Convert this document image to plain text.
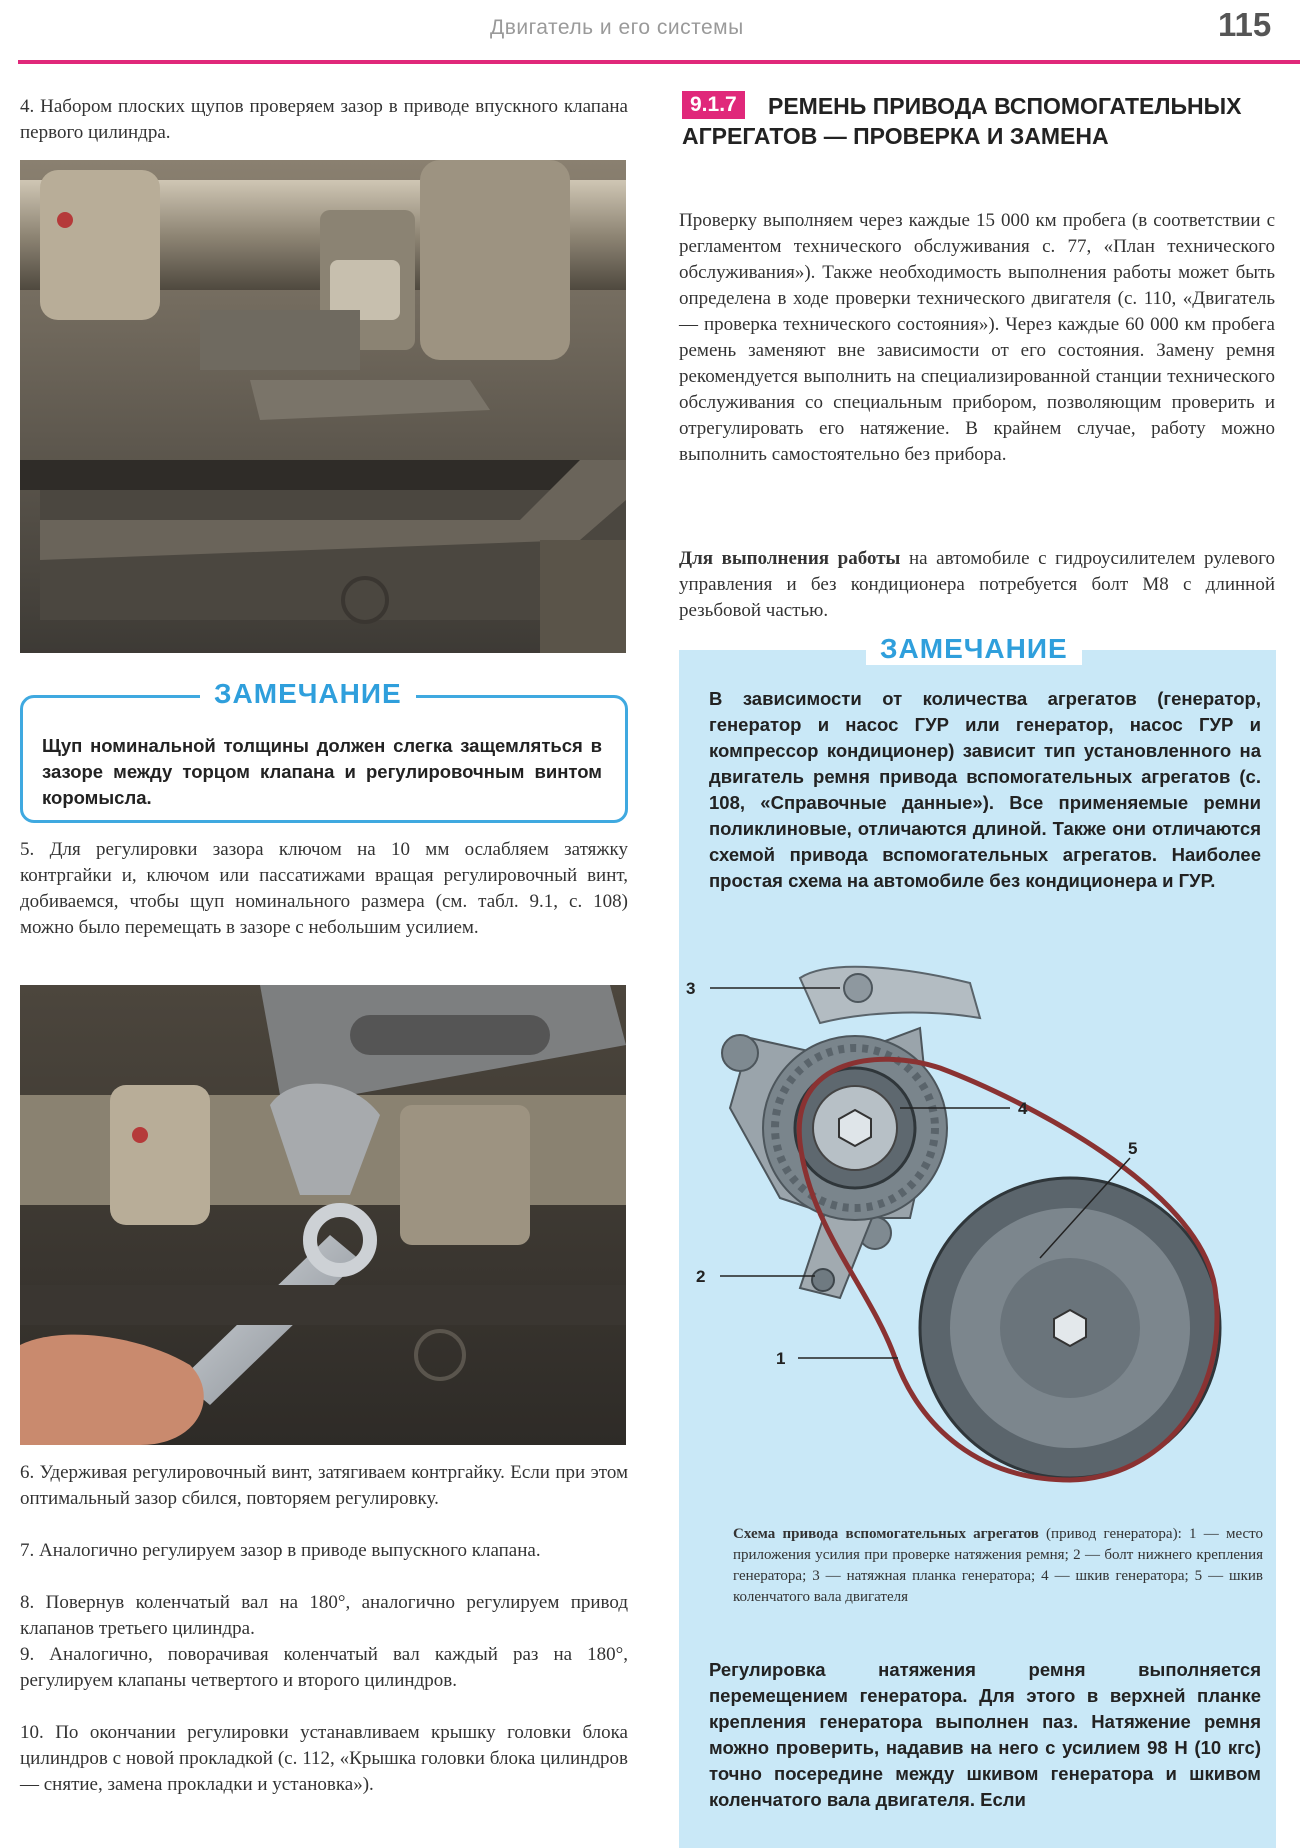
Двигатель и его системы	115
4. Набором плоских щупов проверяем зазор в приводе впускного клапана первого цилиндра.
ЗАМЕЧАНИЕ
Щуп номинальной толщины должен слегка защемляться в зазоре между торцом клапана и регулировочным винтом коромысла.
5. Для регулировки зазора ключом на 10 мм ослабляем затяжку контргайки и, ключом или пассатижами вращая регулировочный винт, добиваемся, чтобы щуп номинального размера (см. табл. 9.1, с. 108) можно было перемещать в зазоре с небольшим усилием.
6. Удерживая регулировочный винт, затягиваем контргайку. Если при этом оптимальный зазор сбился, повторяем регулировку.
7. Аналогично регулируем зазор в приводе выпускного клапана.
8. Повернув коленчатый вал на 180°, аналогично регулируем привод клапанов третьего цилиндра.
9. Аналогично, поворачивая коленчатый вал каждый раз на 180°, регулируем клапаны четвертого и второго цилиндров.
10. По окончании регулировки устанавливаем крышку головки блока цилиндров с новой прокладкой (с. 112, «Крышка головки блока цилиндров — снятие, замена прокладки и установка»).
РЕМЕНЬ ПРИВОДА ВСПОМОГАТЕЛЬНЫХ АГРЕГАТОВ — ПРОВЕРКА И ЗАМЕНА
9.1.7
Проверку выполняем через каждые 15 000 км пробега (в соответствии с регламентом технического обслуживания с. 77, «План технического обслуживания»). Также необходимость выполнения работы может быть определена в ходе проверки технического двигателя (с. 110, «Двигатель — проверка технического состояния»). Через каждые 60 000 км пробега ремень заменяют вне зависимости от его состояния. Замену ремня рекомендуется выполнить на специализированной станции технического обслуживания со специальным прибором, позволяющим проверить и отрегулировать его натяжение. В крайнем случае, работу можно выполнить самостоятельно без прибора.
Для выполнения работы на автомобиле с гидроусилителем рулевого управления и без кондиционера потребуется болт М8 с длинной резьбовой частью.
ЗАМЕЧАНИЕ
В зависимости от количества агрегатов (генератор, генератор и насос ГУР или генератор, насос ГУР и компрессор кондиционер) зависит тип установленного на двигатель ремня привода вспомогательных агрегатов (с. 108, «Справочные данные»). Все применяемые ремни поликлиновые, отличаются длиной. Также они отличаются схемой привода вспомогательных агрегатов. Наиболее простая схема на автомобиле без кондиционера и ГУР.
3
4
5
2
1
Схема привода вспомогательных агрегатов (привод генератора): 1 — место приложения усилия при проверке натяжения ремня; 2 — болт нижнего крепления генератора; 3 — натяжная планка генератора; 4 — шкив генератора; 5 — шкив коленчатого вала двигателя
Регулировка натяжения ремня выполняется перемещением генератора. Для этого в верхней планке крепления генератора выполнен паз. Натяжение ремня можно проверить, надавив на него с усилием 98 Н (10 кгс) точно посередине между шкивом генератора и шкивом коленчатого вала двигателя. Если
